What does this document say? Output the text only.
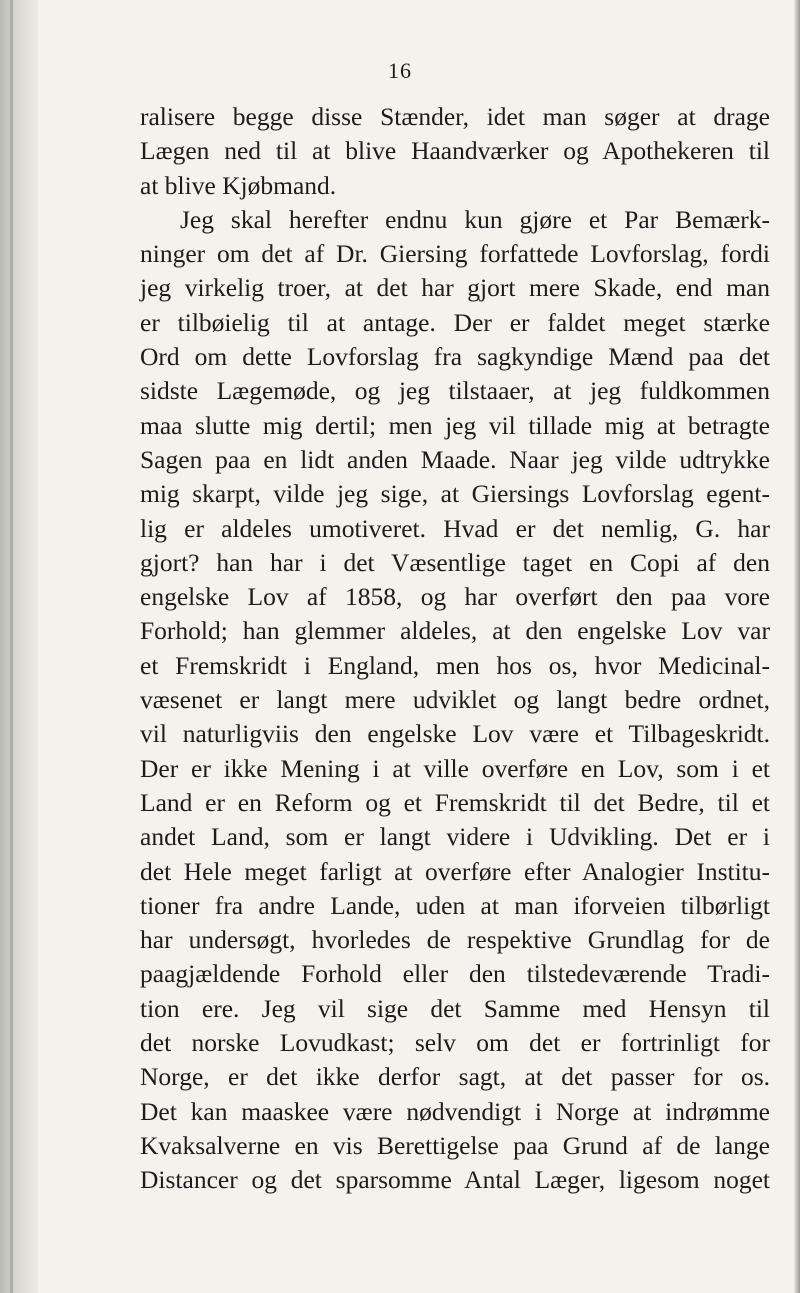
16
ralisere begge disse Stænder, idet man søger at drage
Lægen ned til at blive Haandværker og Apothekeren til
at blive Kjøbmand.
Jeg skal herefter endnu kun gjøre et Par Bemærk-
ninger om det af Dr. Giersing forfattede Lovforslag, fordi
jeg virkelig troer, at det har gjort mere Skade, end man
er tilbøielig til at antage. Der er faldet meget stærke
Ord om dette Lovforslag fra sagkyndige Mænd paa det
sidste Lægemøde, og jeg tilstaaer, at jeg fuldkommen
maa slutte mig dertil; men jeg vil tillade mig at betragte
Sagen paa en lidt anden Maade. Naar jeg vilde udtrykke
mig skarpt, vilde jeg sige, at Giersings Lovforslag egent-
lig er aldeles umotiveret. Hvad er det nemlig, G. har
gjort? han har i det Væsentlige taget en Copi af den
engelske Lov af 1858, og har overført den paa vore
Forhold; han glemmer aldeles, at den engelske Lov var
et Fremskridt i England, men hos os, hvor Medicinal-
væsenet er langt mere udviklet og langt bedre ordnet,
vil naturligviis den engelske Lov være et Tilbageskridt.
Der er ikke Mening i at ville overføre en Lov, som i et
Land er en Reform og et Fremskridt til det Bedre, til et
andet Land, som er langt videre i Udvikling. Det er i
det Hele meget farligt at overføre efter Analogier Institu-
tioner fra andre Lande, uden at man iforveien tilbørligt
har undersøgt, hvorledes de respektive Grundlag for de
paagjældende Forhold eller den tilstedeværende Tradi-
tion ere. Jeg vil sige det Samme med Hensyn til
det norske Lovudkast; selv om det er fortrinligt for
Norge, er det ikke derfor sagt, at det passer for os.
Det kan maaskee være nødvendigt i Norge at indrømme
Kvaksalverne en vis Berettigelse paa Grund af de lange
Distancer og det sparsomme Antal Læger, ligesom noget
